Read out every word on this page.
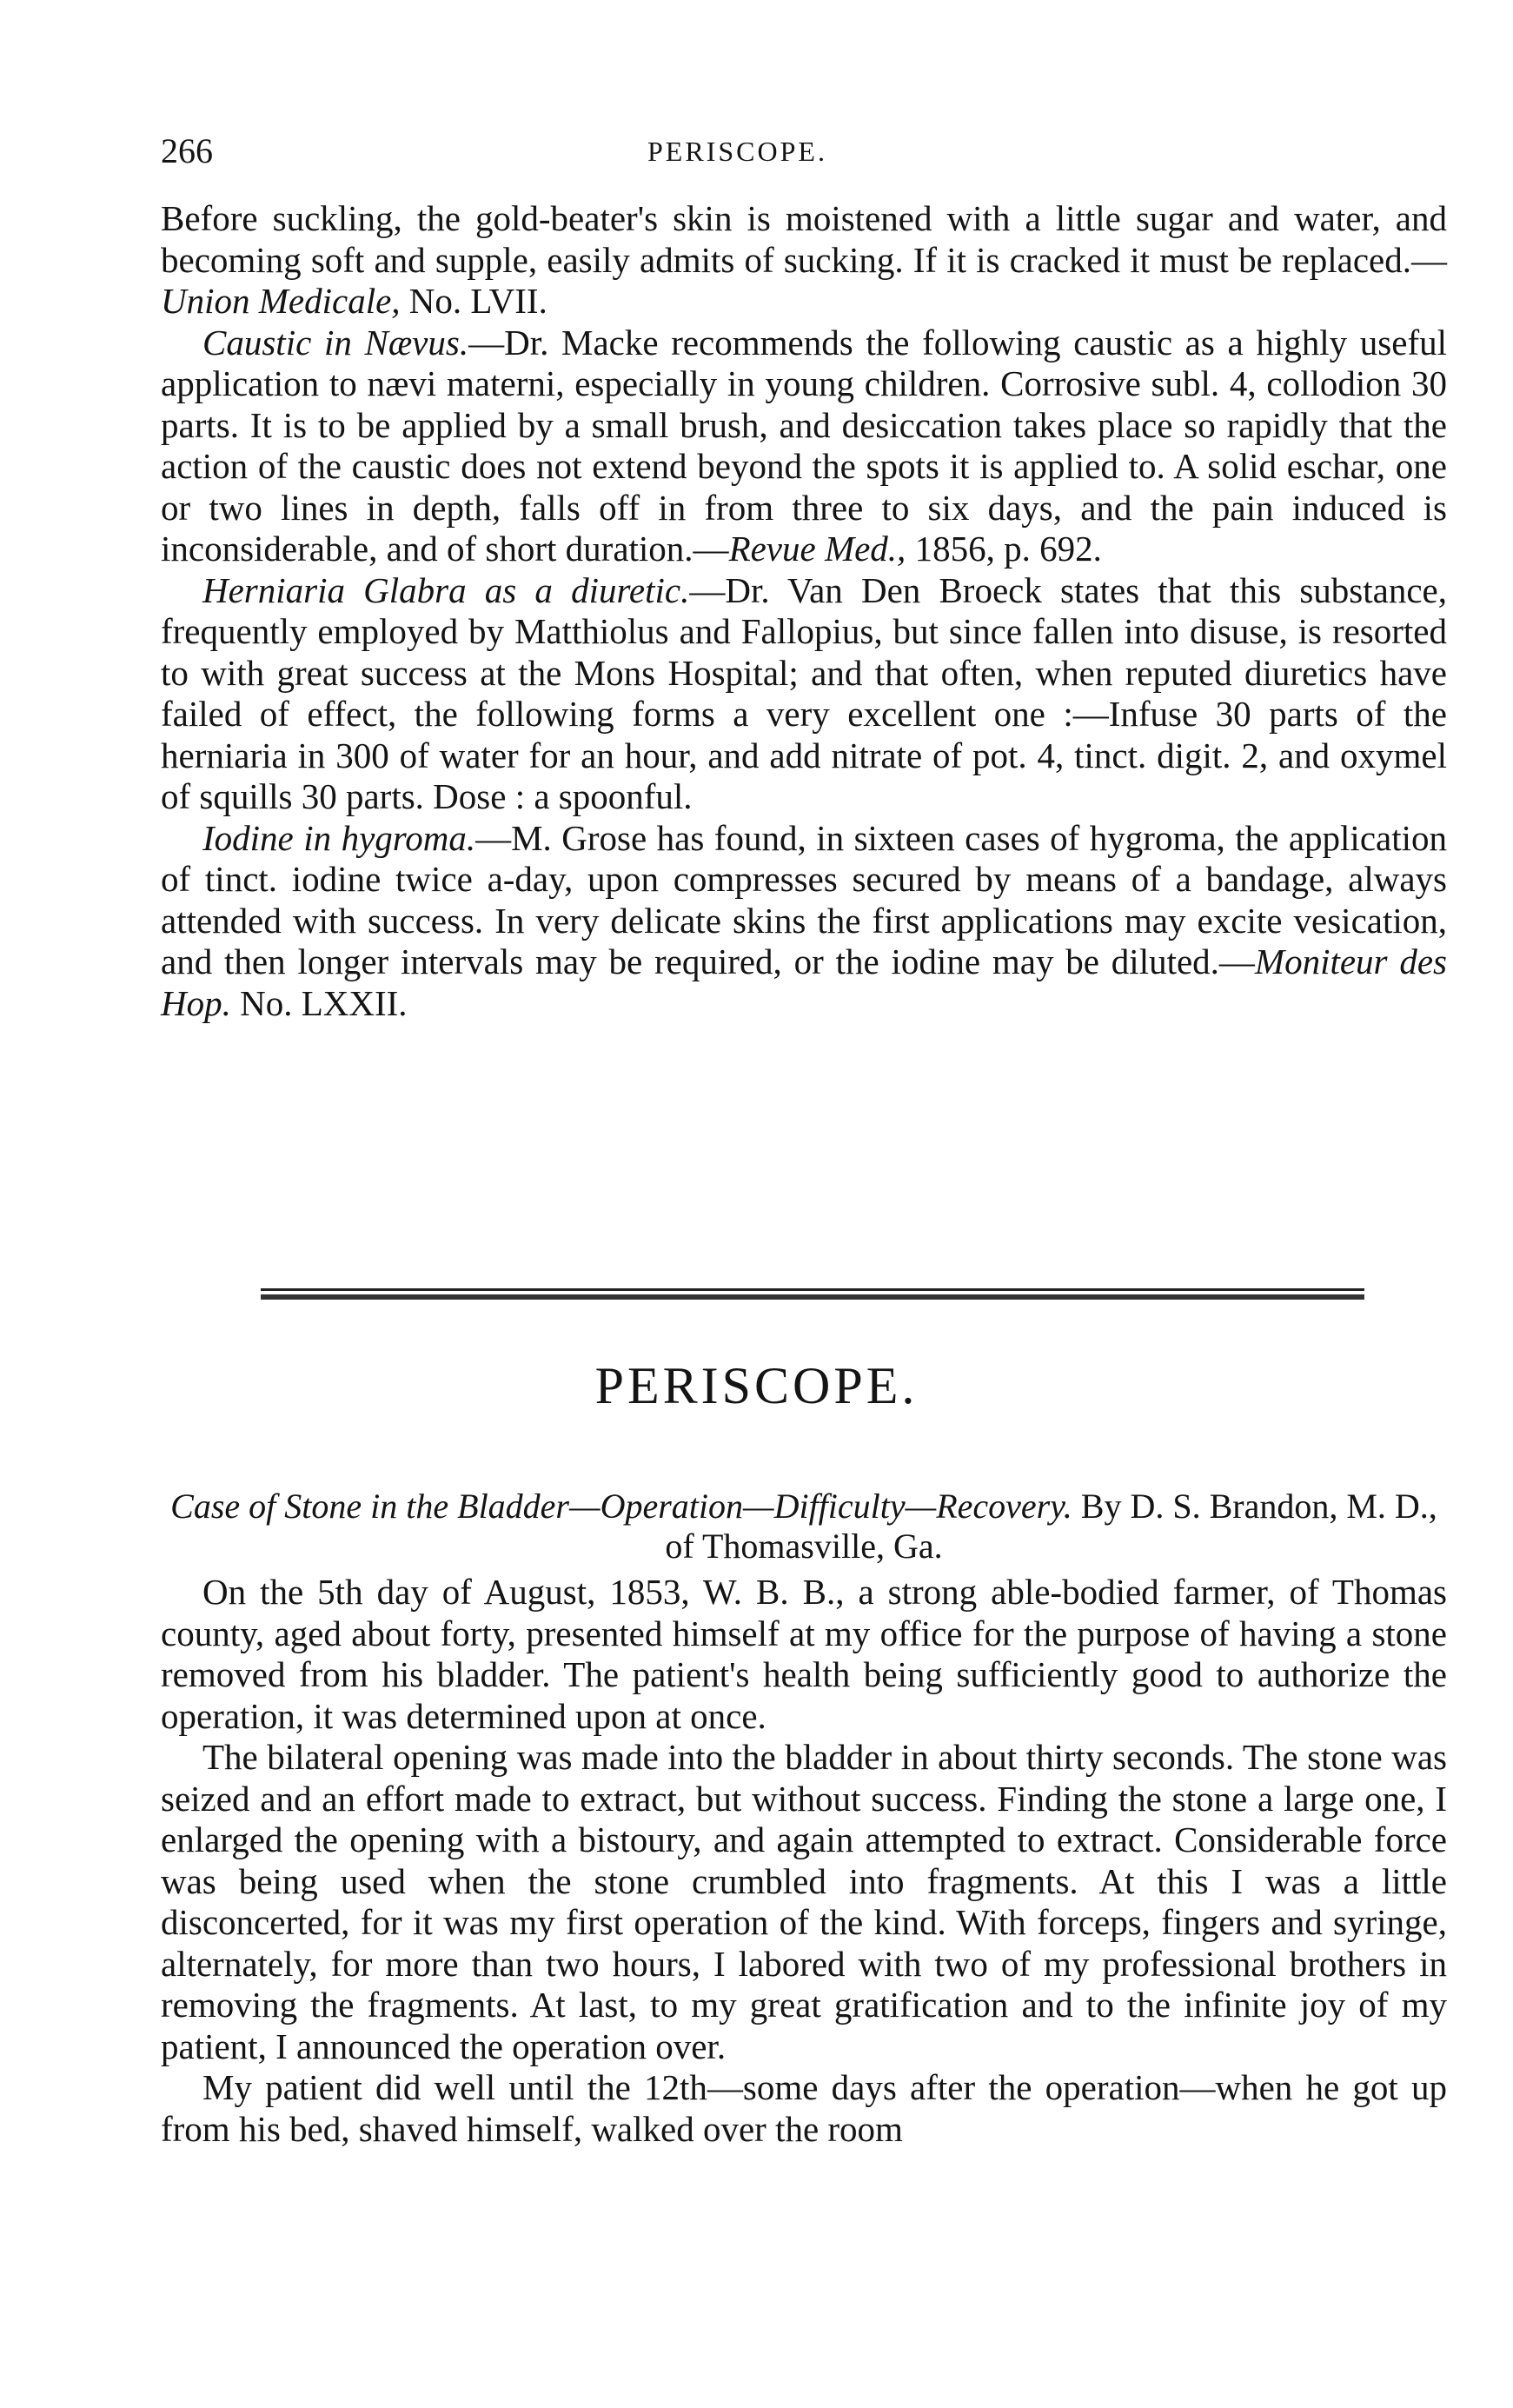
266	PERISCOPE.

Before suckling, the gold-beater's skin is moistened with a little sugar and water, and becoming soft and supple, easily admits of sucking. If it is cracked it must be replaced.—Union Medicale, No. LVII.

Caustic in Nævus.—Dr. Macke recommends the following caustic as a highly useful application to nævi materni, especially in young children. Corrosive subl. 4, collodion 30 parts. It is to be applied by a small brush, and desiccation takes place so rapidly that the action of the caustic does not extend beyond the spots it is applied to. A solid eschar, one or two lines in depth, falls off in from three to six days, and the pain induced is inconsiderable, and of short duration.—Revue Med., 1856, p. 692.

Herniaria Glabra as a diuretic.—Dr. Van Den Broeck states that this substance, frequently employed by Matthiolus and Fallopius, but since fallen into disuse, is resorted to with great success at the Mons Hospital; and that often, when reputed diuretics have failed of effect, the following forms a very excellent one :—Infuse 30 parts of the herniaria in 300 of water for an hour, and add nitrate of pot. 4, tinct. digit. 2, and oxymel of squills 30 parts. Dose : a spoonful.

Iodine in hygroma.—M. Grose has found, in sixteen cases of hygroma, the application of tinct. iodine twice a-day, upon compresses secured by means of a bandage, always attended with success. In very delicate skins the first applications may excite vesication, and then longer intervals may be required, or the iodine may be diluted.—Moniteur des Hop. No. LXXII.

PERISCOPE.
Case of Stone in the Bladder—Operation—Difficulty—Recovery. By D. S. Brandon, M. D., of Thomasville, Ga.

On the 5th day of August, 1853, W. B. B., a strong able-bodied farmer, of Thomas county, aged about forty, presented himself at my office for the purpose of having a stone removed from his bladder. The patient's health being sufficiently good to authorize the operation, it was determined upon at once.

The bilateral opening was made into the bladder in about thirty seconds. The stone was seized and an effort made to extract, but without success. Finding the stone a large one, I enlarged the opening with a bistoury, and again attempted to extract. Considerable force was being used when the stone crumbled into fragments. At this I was a little disconcerted, for it was my first operation of the kind. With forceps, fingers and syringe, alternately, for more than two hours, I labored with two of my professional brothers in removing the fragments. At last, to my great gratification and to the infinite joy of my patient, I announced the operation over.

My patient did well until the 12th—some days after the operation—when he got up from his bed, shaved himself, walked over the room
